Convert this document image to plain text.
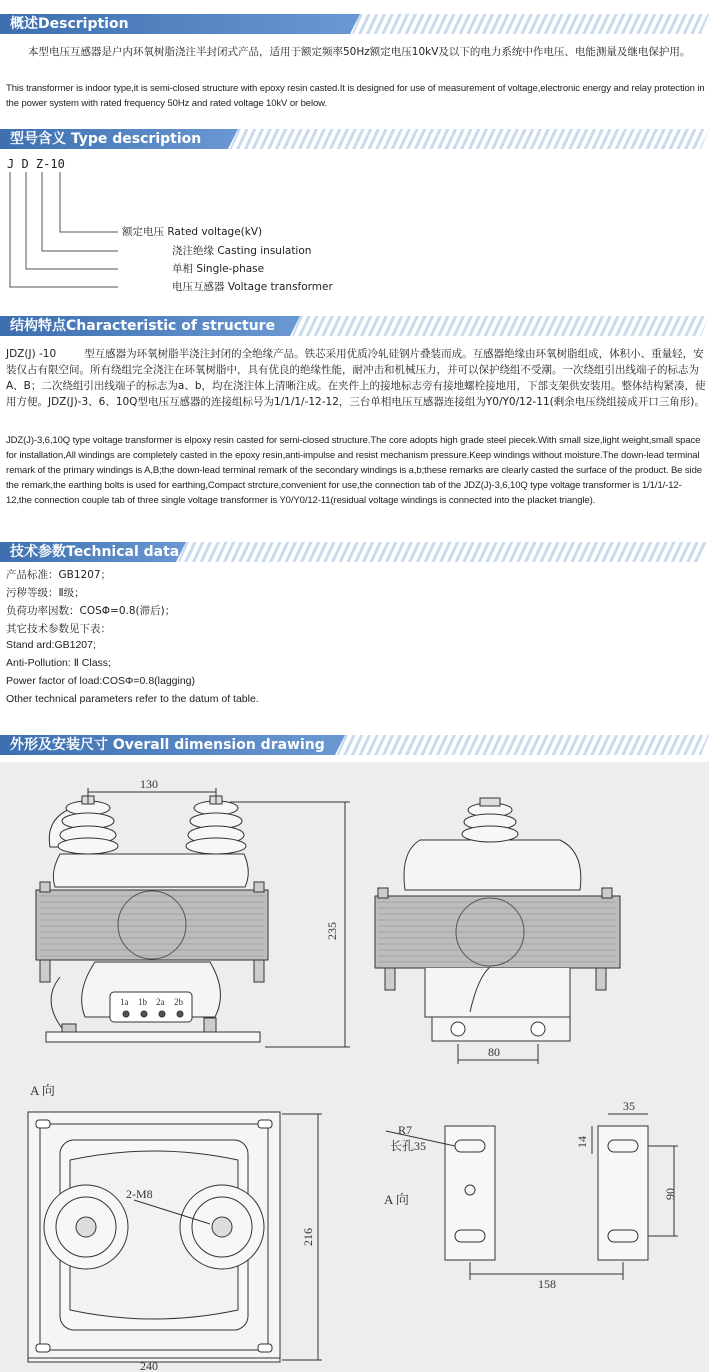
概述Description
本型电压互感器是户内环氧树脂浇注半封闭式产品，适用于额定频率50Hz额定电压10kV及以下的电力系统中作电压、电能测量及继电保护用。
This transformer is indoor type,it is semi-closed structure with epoxy resin casted.It is designed for use of measurement of voltage,electronic energy and relay protection in the power system with rated frequency 50Hz and rated voltage 10kV or below.
型号含义 Type description
J D Z-10
额定电压 Rated voltage(kV)
浇注绝缘 Casting insulation
单相 Single-phase
电压互感器 Voltage transformer
结构特点Characteristic of structure
JDZ(J) -10	型互感器为环氧树脂半浇注封闭的全绝缘产品。铁芯采用优质冷轧硅钢片叠装而成。互感器绝缘由环氧树脂组成，体积小、重量轻，安装仅占有限空间。所有绕组完全浇注在环氧树脂中，具有优良的绝缘性能，耐冲击和机械压力，并可以保护绕组不受潮。一次绕组引出线端子的标志为A、B；二次绕组引出线端子的标志为a、b，均在浇注体上清晰注成。在夹件上的接地标志旁有接地螺栓接地用，下部支架供安装用。整体结构紧凑，使用方便。JDZ(J)-3、6、10Q型电压互感器的连接组标号为1/1/1/-12-12，三台单相电压互感器连接组为Y0/Y0/12-11(剩余电压绕组接成开口三角形)。
JDZ(J)-3,6,10Q type voltage transformer is elpoxy resin casted for semi-closed structure.The core adopts high grade steel piecek.With small size,light weight,small space for installation,All windings are completely casted in the epoxy resin,anti-impulse and resist mechanism pressure.Keep windings without moisture.The down-lead terminal remark of the primary windings is A,B;the down-lead terminal remark of the secondary windings is a,b;these remarks are clearly casted the surface of the product. Be side the remark,the earthing bolts is used for earthing,Compact strcture,convenient for use,the connection tab of the JDZ(J)-3,6,10Q type voltage transformer is 1/1/1/-12-12,the connection couple tab of three single voltage transformer is Y0/Y0/12-11(residual voltage windings is connected into the placket triangle).
技术参数Technical data
产品标准：GB1207；
污秽等级：Ⅱ级；
负荷功率因数：COSΦ=0.8(滞后)；
其它技术参数见下表：
Stand ard:GB1207;
Anti-Pollution: Ⅱ Class;
Power factor of load:COSΦ=0.8(lagging)
Other technical parameters refer to the datum of table.
外形及安装尺寸 Overall dimension drawing
130
235
80
35
14
90
158
216
240
A 向
A 向
R7
长孔35
2-M8
1a 1b 2a 2b
